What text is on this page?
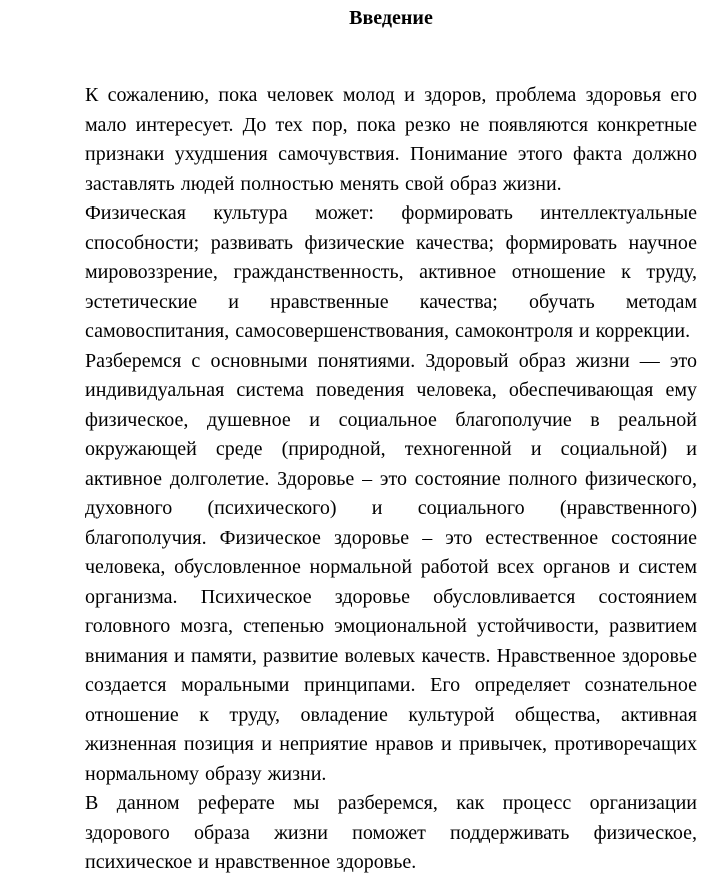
Введение

К сожалению, пока человек молод и здоров, проблема здоровья его мало интересует. До тех пор, пока резко не появляются конкретные признаки ухудшения самочувствия. Понимание этого факта должно заставлять людей полностью менять свой образ жизни.

Физическая культура может: формировать интеллектуальные способности; развивать физические качества; формировать научное мировоззрение, гражданственность, активное отношение к труду, эстетические и нравственные качества; обучать методам самовоспитания, самосовершенствования, самоконтроля и коррекции.

Разберемся с основными понятиями. Здоровый образ жизни — это индивидуальная система поведения человека, обеспечивающая ему физическое, душевное и социальное благополучие в реальной окружающей среде (природной, техногенной и социальной) и активное долголетие. Здоровье – это состояние полного физического, духовного (психического) и социального (нравственного) благополучия. Физическое здоровье – это естественное состояние человека, обусловленное нормальной работой всех органов и систем организма. Психическое здоровье обусловливается состоянием головного мозга, степенью эмоциональной устойчивости, развитием внимания и памяти, развитие волевых качеств. Нравственное здоровье создается моральными принципами. Его определяет сознательное отношение к труду, овладение культурой общества, активная жизненная позиция и неприятие нравов и привычек, противоречащих нормальному образу жизни.

В данном реферате мы разберемся, как процесс организации здорового образа жизни поможет поддерживать физическое, психическое и нравственное здоровье.
